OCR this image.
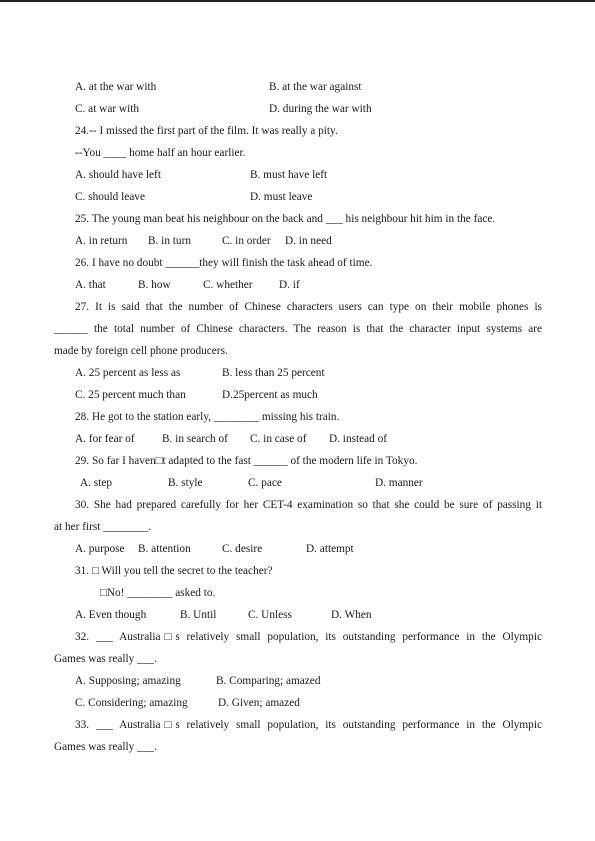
A. at the war with	B. at the war against
C. at war with	D. during the war with
24.-- I missed the first part of the film. It was really a pity.
--You ____ home half an hour earlier.
A. should have left	B. must have left
C. should leave	D. must leave
25. The young man beat his neighbour on the back and ___ his neighbour hit him in the face.
A. in return B. in turn	C. in order D. in need
26. I have no doubt ______they will finish the task ahead of time.
A. that	B. how	C. whether D. if
27. It is said that the number of Chinese characters users can type on their mobile phones is
______ the total number of Chinese characters. The reason is that the character input systems are
made by foreign cell phone producers.
A. 25 percent as less as	B. less than 25 percent
C. 25 percent much than	D.25percent as much
28. He got to the station early, ________ missing his train.
A. for fear of B. in search of C. in case of D. instead of
29. So far I haven□t adapted to the fast ______ of the modern life in Tokyo.
A. step	B. style	C. pace	D. manner
30. She had prepared carefully for her CET-4 examination so that she could be sure of passing it
at her first ________.
A. purpose B. attention	C. desire	D. attempt
31. □ Will you tell the secret to the teacher?
□No! ________ asked to.
A. Even though	B. Until	C. Unless	D. When
32. ___ Australia□s relatively small population, its outstanding performance in the Olympic
Games was really ___.
A. Supposing; amazing	B. Comparing; amazed
C. Considering; amazing	D. Given; amazed
33. ___ Australia□s relatively small population, its outstanding performance in the Olympic
Games was really ___.
